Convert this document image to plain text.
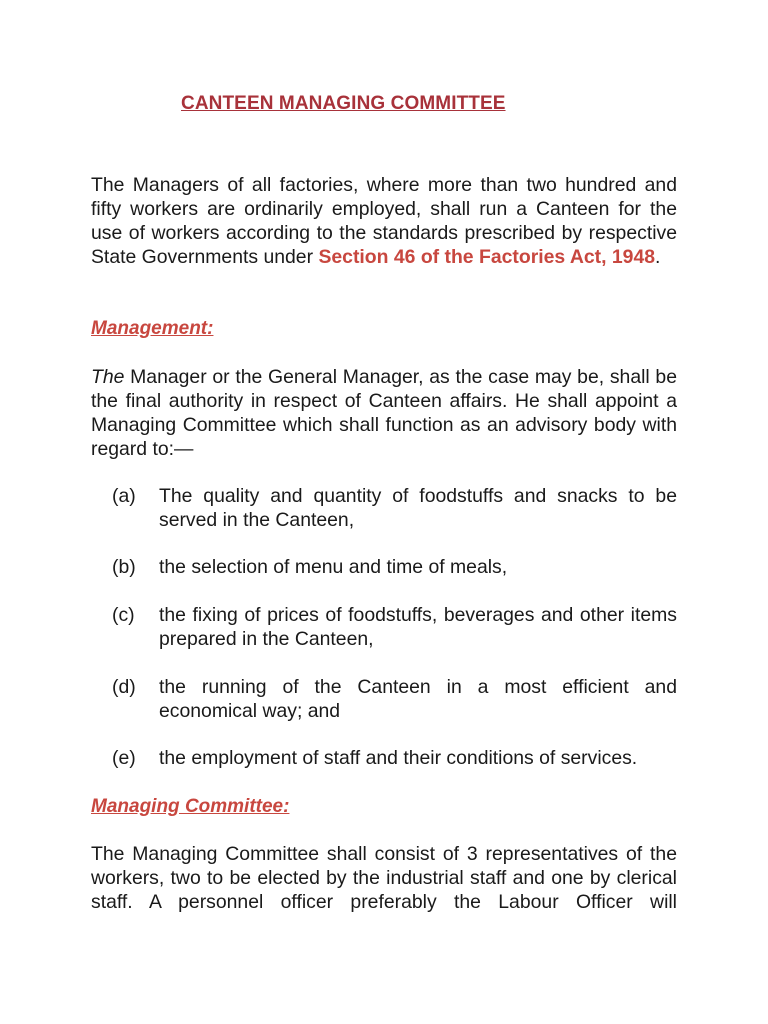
CANTEEN MANAGING COMMITTEE

The Managers of all factories, where more than two hundred and fifty workers are ordinarily employed, shall run a Canteen for the use of workers according to the standards prescribed by respective State Governments under Section 46 of the Factories Act, 1948.

Management:

The Manager or the General Manager, as the case may be, shall be the final authority in respect of Canteen affairs. He shall appoint a Managing Committee which shall function as an advisory body with regard to:—

(a)	The quality and quantity of foodstuffs and snacks to be served in the Canteen,
(b)	the selection of menu and time of meals,
(c)	the fixing of prices of foodstuffs, beverages and other items prepared in the Canteen,
(d)	the running of the Canteen in a most efficient and economical way; and
(e)	the employment of staff and their conditions of services.
Managing Committee:

The Managing Committee shall consist of 3 representatives of the workers, two to be elected by the industrial staff and one by clerical staff. A personnel officer preferably the Labour Officer will
